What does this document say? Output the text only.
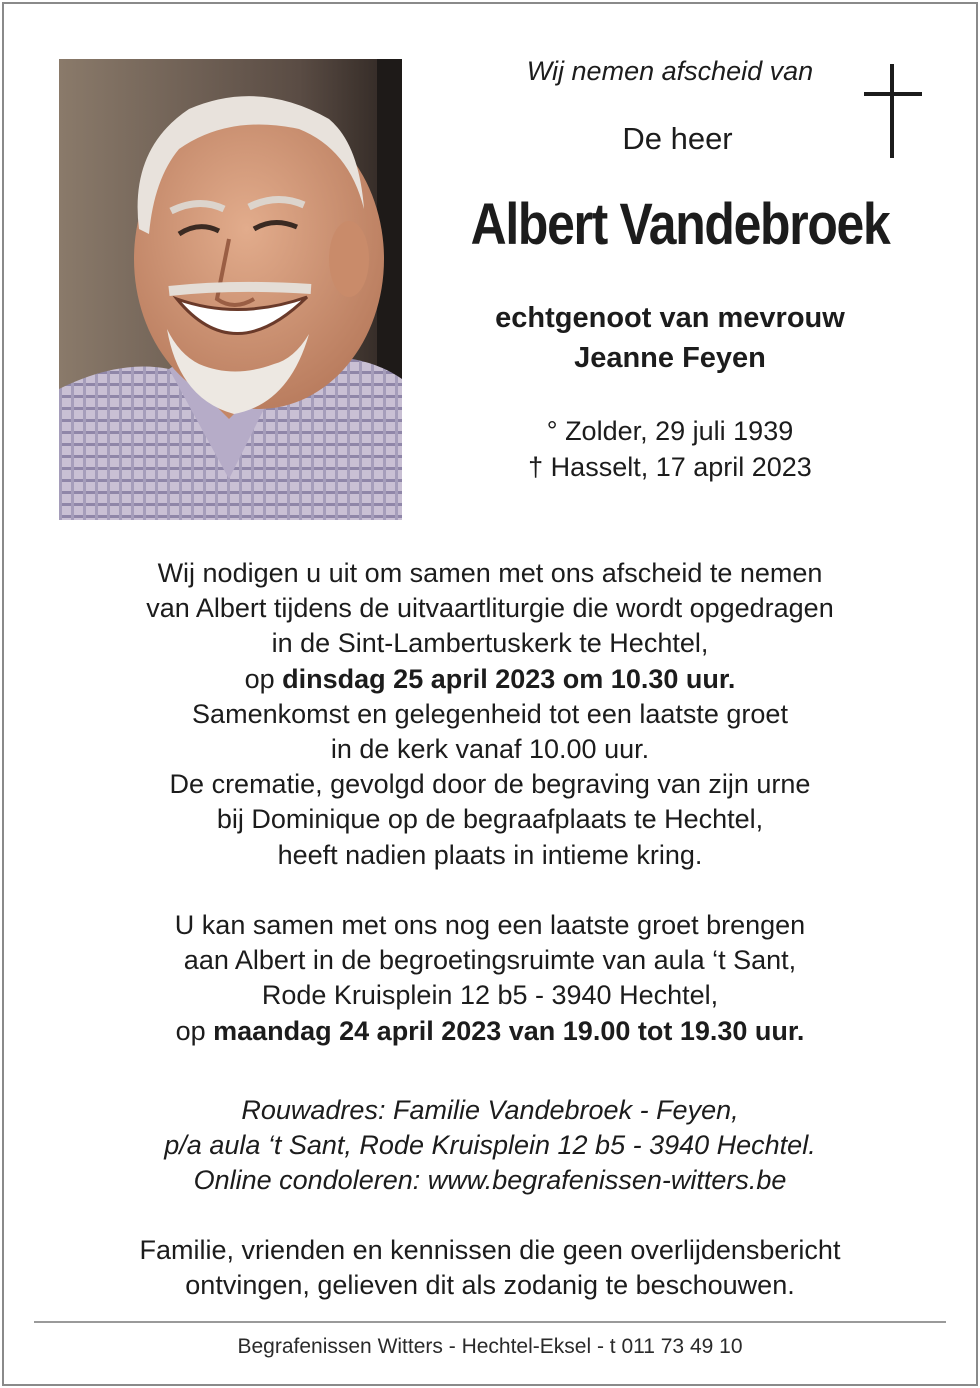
Wij nemen afscheid van
De heer
Albert Vandebroek
echtgenoot van mevrouw
Jeanne Feyen
° Zolder, 29 juli 1939
† Hasselt, 17 april 2023
Wij nodigen u uit om samen met ons afscheid te nemen
van Albert tijdens de uitvaartliturgie die wordt opgedragen
in de Sint-Lambertuskerk te Hechtel,
op dinsdag 25 april 2023 om 10.30 uur.
Samenkomst en gelegenheid tot een laatste groet
in de kerk vanaf 10.00 uur.
De crematie, gevolgd door de begraving van zijn urne
bij Dominique op de begraafplaats te Hechtel,
heeft nadien plaats in intieme kring.
U kan samen met ons nog een laatste groet brengen
aan Albert in de begroetingsruimte van aula ‘t Sant,
Rode Kruisplein 12 b5 - 3940 Hechtel,
op maandag 24 april 2023 van 19.00 tot 19.30 uur.
Rouwadres: Familie Vandebroek - Feyen,
p/a aula ‘t Sant, Rode Kruisplein 12 b5 - 3940 Hechtel.
Online condoleren: www.begrafenissen-witters.be
Familie, vrienden en kennissen die geen overlijdensbericht
ontvingen, gelieven dit als zodanig te beschouwen.
Begrafenissen Witters - Hechtel-Eksel - t 011 73 49 10
